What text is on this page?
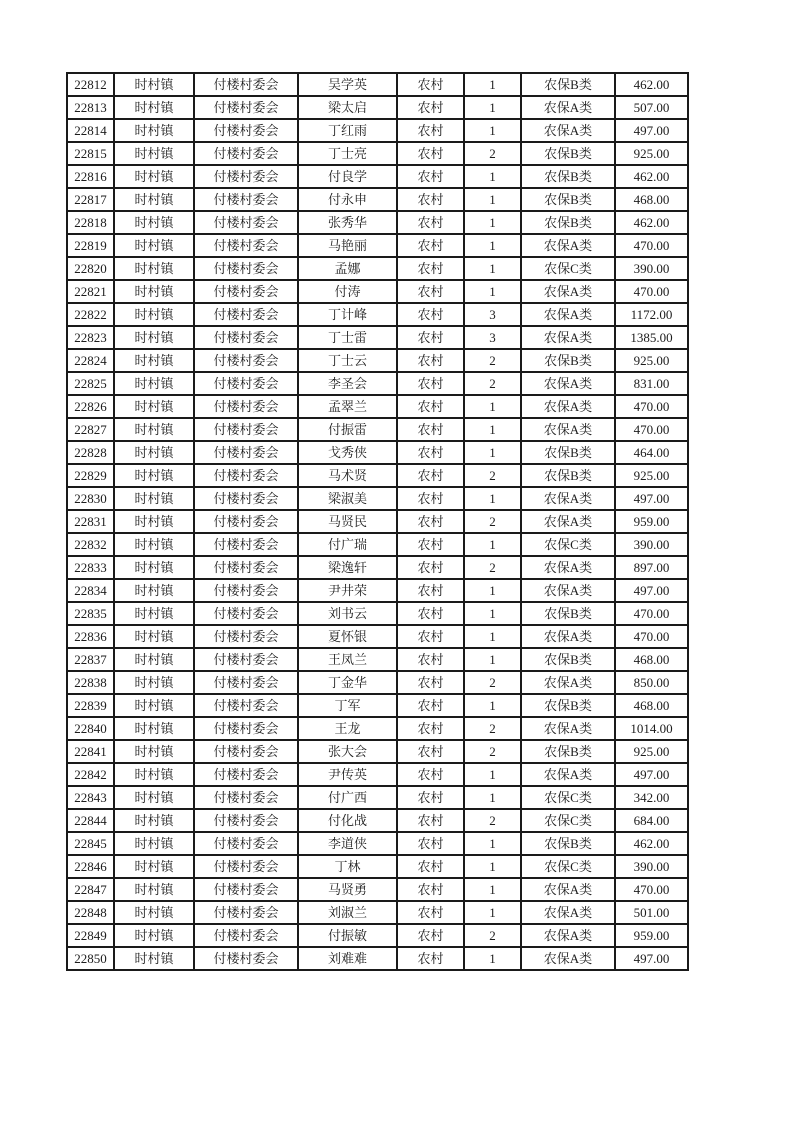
22812	时村镇	付楼村委会	吴学英	农村	1	农保B类	462.00
22813	时村镇	付楼村委会	梁太启	农村	1	农保A类	507.00
22814	时村镇	付楼村委会	丁红雨	农村	1	农保A类	497.00
22815	时村镇	付楼村委会	丁士亮	农村	2	农保B类	925.00
22816	时村镇	付楼村委会	付良学	农村	1	农保B类	462.00
22817	时村镇	付楼村委会	付永申	农村	1	农保B类	468.00
22818	时村镇	付楼村委会	张秀华	农村	1	农保B类	462.00
22819	时村镇	付楼村委会	马艳丽	农村	1	农保A类	470.00
22820	时村镇	付楼村委会	孟娜	农村	1	农保C类	390.00
22821	时村镇	付楼村委会	付涛	农村	1	农保A类	470.00
22822	时村镇	付楼村委会	丁计峰	农村	3	农保A类	1172.00
22823	时村镇	付楼村委会	丁士雷	农村	3	农保A类	1385.00
22824	时村镇	付楼村委会	丁士云	农村	2	农保B类	925.00
22825	时村镇	付楼村委会	李圣会	农村	2	农保A类	831.00
22826	时村镇	付楼村委会	孟翠兰	农村	1	农保A类	470.00
22827	时村镇	付楼村委会	付振雷	农村	1	农保A类	470.00
22828	时村镇	付楼村委会	戈秀侠	农村	1	农保B类	464.00
22829	时村镇	付楼村委会	马术贤	农村	2	农保B类	925.00
22830	时村镇	付楼村委会	梁淑美	农村	1	农保A类	497.00
22831	时村镇	付楼村委会	马贤民	农村	2	农保A类	959.00
22832	时村镇	付楼村委会	付广瑞	农村	1	农保C类	390.00
22833	时村镇	付楼村委会	梁逸轩	农村	2	农保A类	897.00
22834	时村镇	付楼村委会	尹井荣	农村	1	农保A类	497.00
22835	时村镇	付楼村委会	刘书云	农村	1	农保B类	470.00
22836	时村镇	付楼村委会	夏怀银	农村	1	农保A类	470.00
22837	时村镇	付楼村委会	王凤兰	农村	1	农保B类	468.00
22838	时村镇	付楼村委会	丁金华	农村	2	农保A类	850.00
22839	时村镇	付楼村委会	丁军	农村	1	农保B类	468.00
22840	时村镇	付楼村委会	王龙	农村	2	农保A类	1014.00
22841	时村镇	付楼村委会	张大会	农村	2	农保B类	925.00
22842	时村镇	付楼村委会	尹传英	农村	1	农保A类	497.00
22843	时村镇	付楼村委会	付广西	农村	1	农保C类	342.00
22844	时村镇	付楼村委会	付化战	农村	2	农保C类	684.00
22845	时村镇	付楼村委会	李道侠	农村	1	农保B类	462.00
22846	时村镇	付楼村委会	丁林	农村	1	农保C类	390.00
22847	时村镇	付楼村委会	马贤勇	农村	1	农保A类	470.00
22848	时村镇	付楼村委会	刘淑兰	农村	1	农保A类	501.00
22849	时村镇	付楼村委会	付振敏	农村	2	农保A类	959.00
22850	时村镇	付楼村委会	刘难难	农村	1	农保A类	497.00
